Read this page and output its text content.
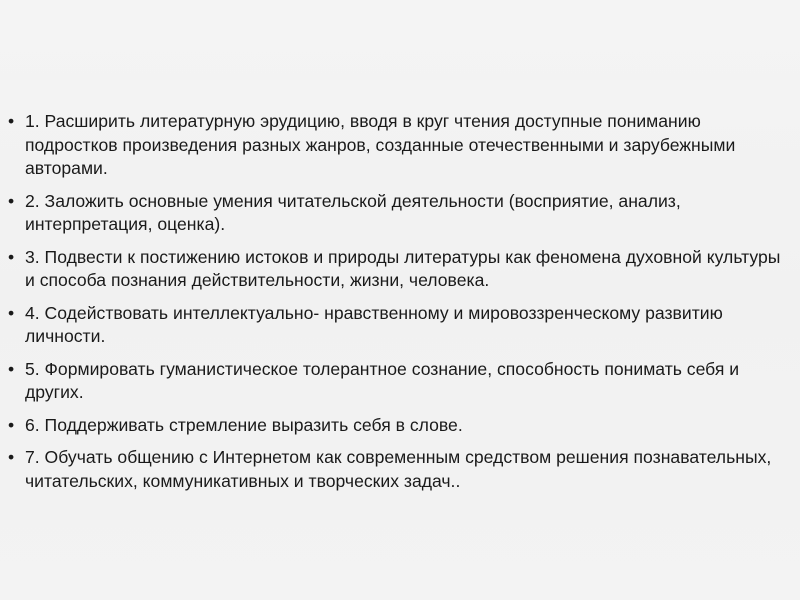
• 1. Расширить литературную эрудицию, вводя в круг чтения доступные пониманию подростков произведения разных жанров, созданные отечественными и зарубежными авторами.
• 2. Заложить основные умения читательской деятельности (восприятие, анализ, интерпретация, оценка).
• 3. Подвести к постижению истоков и природы литературы как феномена духовной культуры и способа познания действительности, жизни, человека.
• 4. Содействовать интеллектуально- нравственному и мировоззренческому развитию личности.
• 5. Формировать гуманистическое толерантное сознание, способность понимать себя и других.
• 6. Поддерживать стремление выразить себя в слове.
• 7. Обучать общению с Интернетом как современным средством решения познавательных, читательских, коммуникативных и творческих задач..
